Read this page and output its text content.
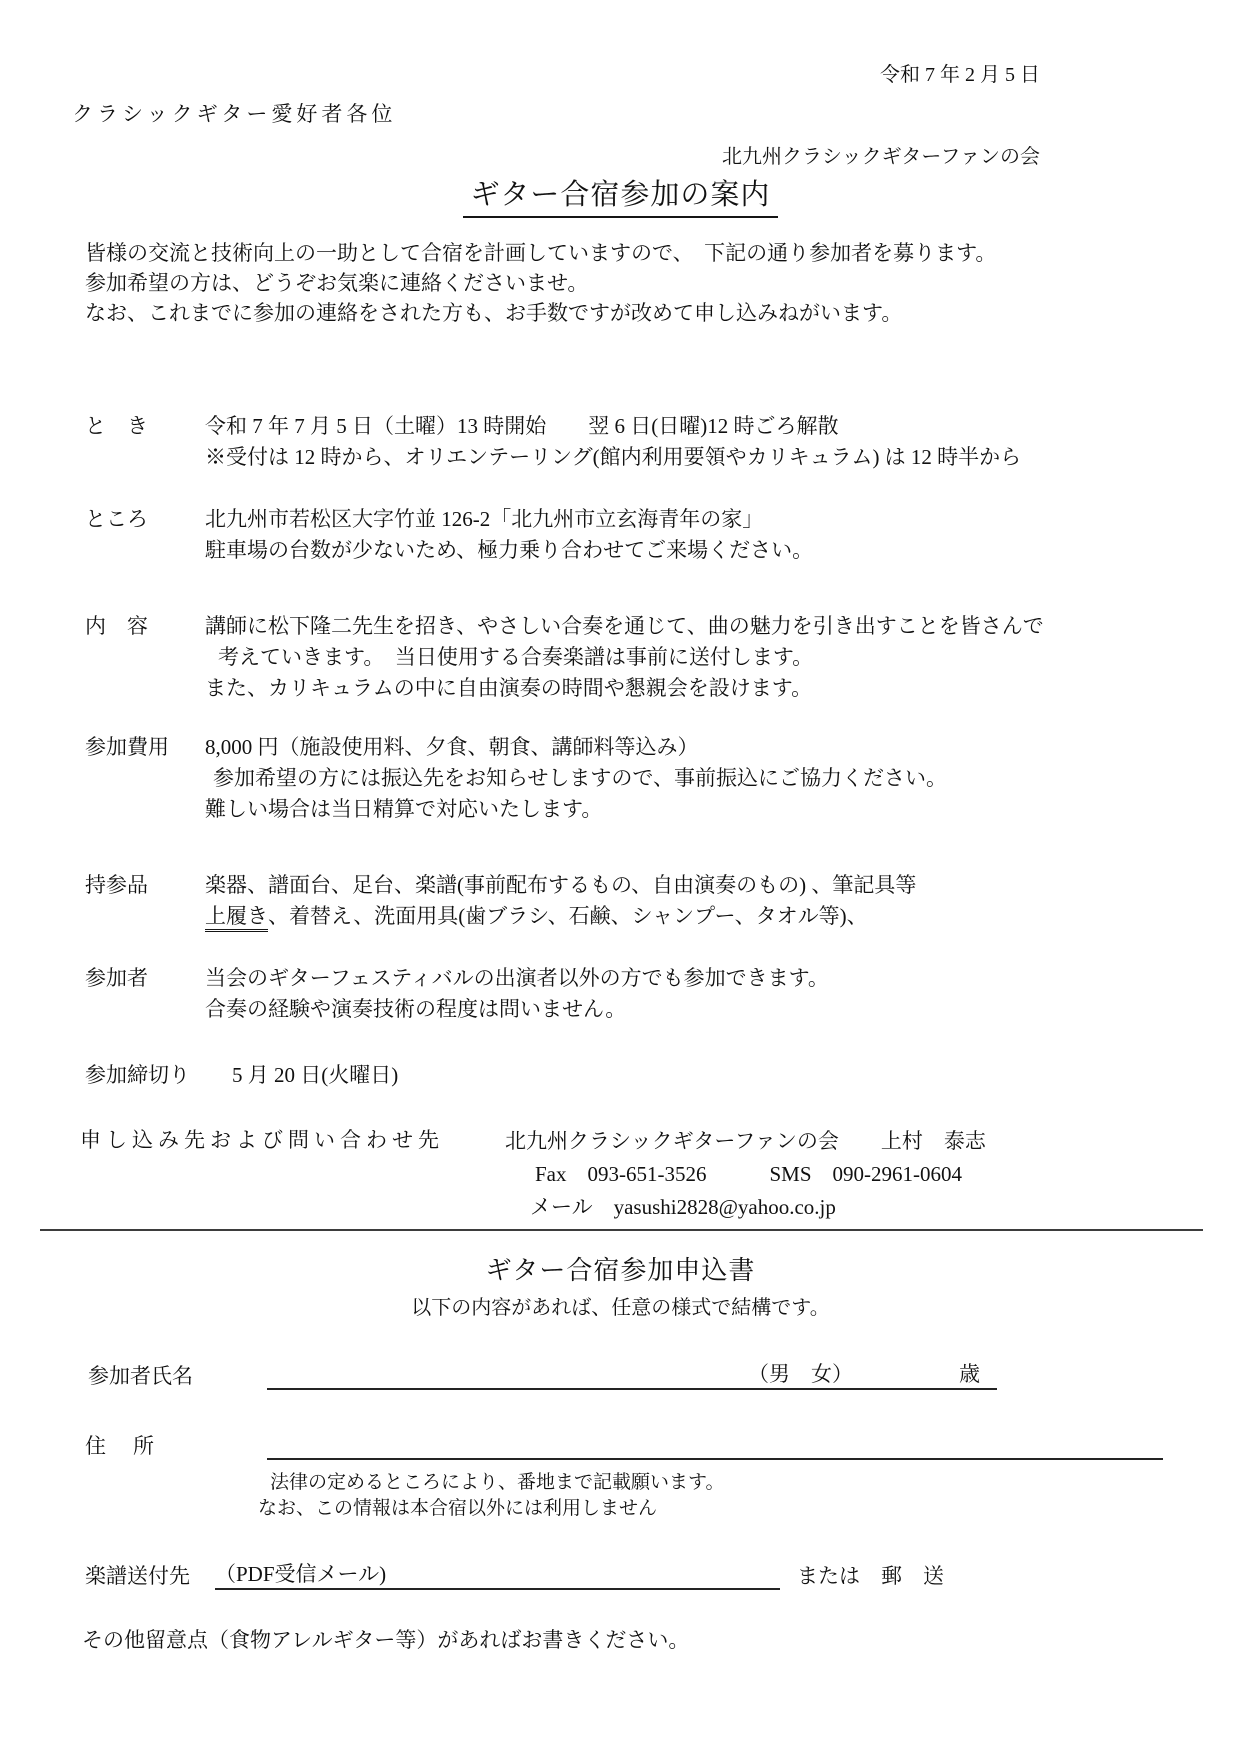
令和 7 年 2 月 5 日
クラシックギター愛好者各位
北九州クラシックギターファンの会
ギター合宿参加の案内
皆様の交流と技術向上の一助として合宿を計画していますので、　下記の通り参加者を募ります。
参加希望の方は、どうぞお気楽に連絡くださいませ。
なお、これまでに参加の連絡をされた方も、お手数ですが改めて申し込みねがいます。
と　き	令和 7 年 7 月 5 日（土曜）13 時開始　　翌 6 日(日曜)12 時ごろ解散
※受付は 12 時から、オリエンテーリング(館内利用要領やカリキュラム) は 12 時半から
ところ	北九州市若松区大字竹並 126-2「北九州市立玄海青年の家」
駐車場の台数が少ないため、極力乗り合わせてご来場ください。
内　容	講師に松下隆二先生を招き、やさしい合奏を通じて、曲の魅力を引き出すことを皆さんで
考えていきます。　当日使用する合奏楽譜は事前に送付します。
また、カリキュラムの中に自由演奏の時間や懇親会を設けます。
参加費用	8,000 円（施設使用料、夕食、朝食、講師料等込み）
参加希望の方には振込先をお知らせしますので、事前振込にご協力ください。
難しい場合は当日精算で対応いたします。
持参品	楽器、譜面台、足台、楽譜(事前配布するもの、自由演奏のもの) 、筆記具等
上履き、着替え、洗面用具(歯ブラシ、石鹸、シャンプー、タオル等)、
参加者	当会のギターフェスティバルの出演者以外の方でも参加できます。
合奏の経験や演奏技術の程度は問いません。
参加締切り	5 月 20 日(火曜日)
申し込み先および問い合わせ先	北九州クラシックギターファンの会　　上村　泰志
Fax　093-651-3526　　　SMS　090-2961-0604
メール　yasushi2828@yahoo.co.jp
ギター合宿参加申込書
以下の内容があれば、任意の様式で結構です。
参加者氏名	（男　女）	歳
住　所
法律の定めるところにより、番地まで記載願います。
なお、この情報は本合宿以外には利用しません
楽譜送付先	（PDF受信メール)	または　郵　送
その他留意点（食物アレルギター等）があればお書きください。
